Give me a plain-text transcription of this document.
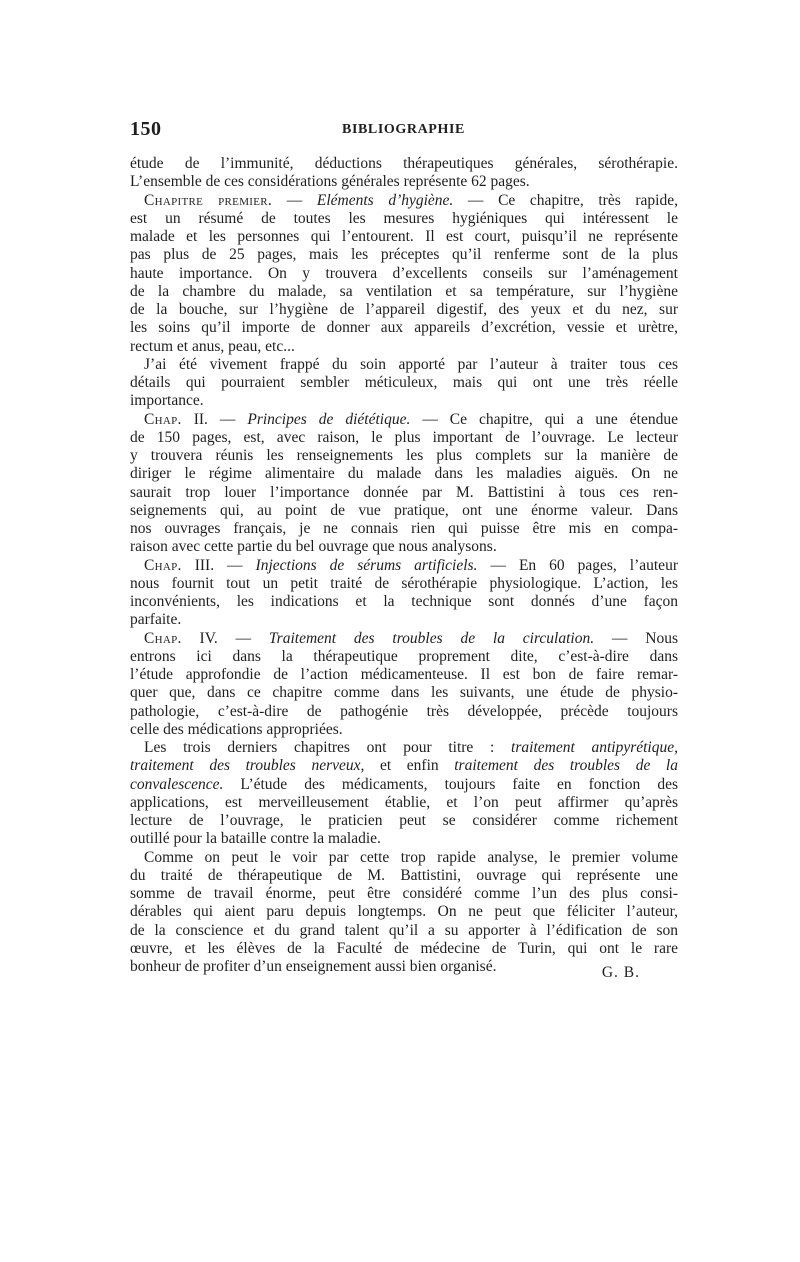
150	BIBLIOGRAPHIE
étude de l’immunité, déductions thérapeutiques générales, sérothérapie.
L’ensemble de ces considérations générales représente 62 pages.
Chapitre premier. — Eléments d’hygiène. — Ce chapitre, très rapide,
est un résumé de toutes les mesures hygiéniques qui intéressent le
malade et les personnes qui l’entourent. Il est court, puisqu’il ne représente
pas plus de 25 pages, mais les préceptes qu’il renferme sont de la plus
haute importance. On y trouvera d’excellents conseils sur l’aménagement
de la chambre du malade, sa ventilation et sa température, sur l’hygiène
de la bouche, sur l’hygiène de l’appareil digestif, des yeux et du nez, sur
les soins qu’il importe de donner aux appareils d’excrétion, vessie et urètre,
rectum et anus, peau, etc...
J’ai été vivement frappé du soin apporté par l’auteur à traiter tous ces
détails qui pourraient sembler méticuleux, mais qui ont une très réelle
importance.
Chap. II. — Principes de diététique. — Ce chapitre, qui a une étendue
de 150 pages, est, avec raison, le plus important de l’ouvrage. Le lecteur
y trouvera réunis les renseignements les plus complets sur la manière de
diriger le régime alimentaire du malade dans les maladies aiguës. On ne
saurait trop louer l’importance donnée par M. Battistini à tous ces ren-
seignements qui, au point de vue pratique, ont une énorme valeur. Dans
nos ouvrages français, je ne connais rien qui puisse être mis en compa-
raison avec cette partie du bel ouvrage que nous analysons.
Chap. III. — Injections de sérums artificiels. — En 60 pages, l’auteur
nous fournit tout un petit traité de sérothérapie physiologique. L’action, les
inconvénients, les indications et la technique sont donnés d’une façon
parfaite.
Chap. IV. — Traitement des troubles de la circulation. — Nous
entrons ici dans la thérapeutique proprement dite, c’est-à-dire dans
l’étude approfondie de l’action médicamenteuse. Il est bon de faire remar-
quer que, dans ce chapitre comme dans les suivants, une étude de physio-
pathologie, c’est-à-dire de pathogénie très développée, précède toujours
celle des médications appropriées.
Les trois derniers chapitres ont pour titre : traitement antipyrétique,
traitement des troubles nerveux, et enfin traitement des troubles de la
convalescence. L’étude des médicaments, toujours faite en fonction des
applications, est merveilleusement établie, et l’on peut affirmer qu’après
lecture de l’ouvrage, le praticien peut se considérer comme richement
outillé pour la bataille contre la maladie.
Comme on peut le voir par cette trop rapide analyse, le premier volume
du traité de thérapeutique de M. Battistini, ouvrage qui représente une
somme de travail énorme, peut être considéré comme l’un des plus consi-
dérables qui aient paru depuis longtemps. On ne peut que féliciter l’auteur,
de la conscience et du grand talent qu’il a su apporter à l’édification de son
œuvre, et les élèves de la Faculté de médecine de Turin, qui ont le rare
bonheur de profiter d’un enseignement aussi bien organisé.	G. B.
